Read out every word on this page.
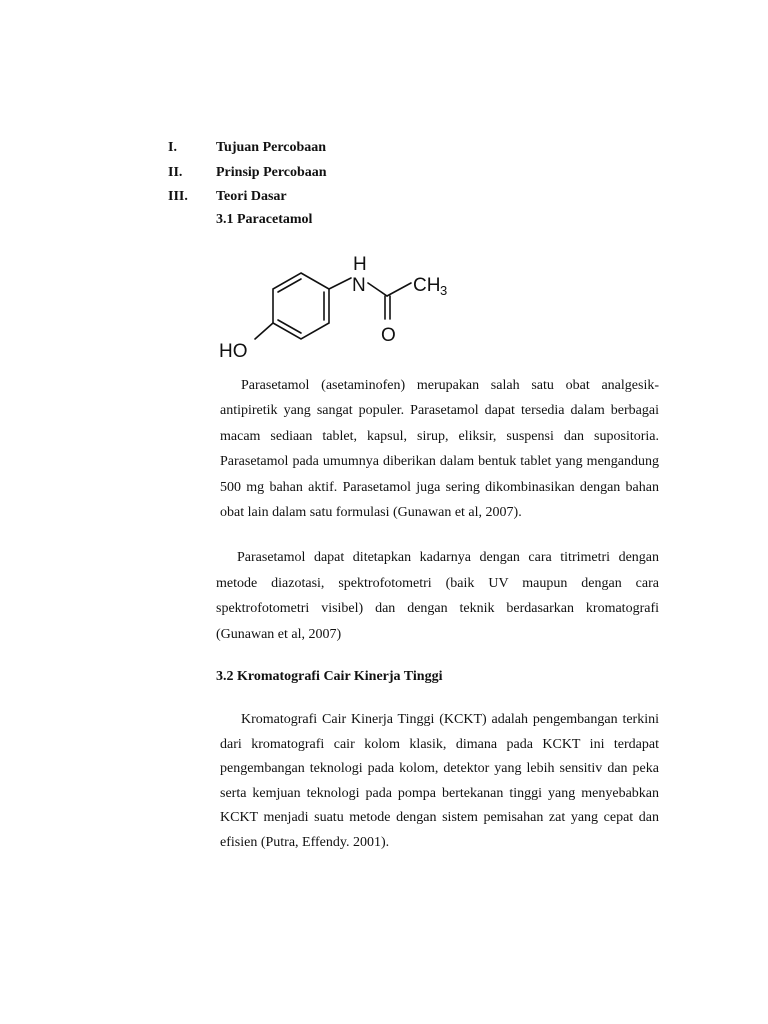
I.	Tujuan Percobaan
II. Prinsip Percobaan
III. Teori Dasar
3.1 Paracetamol
H
N CH 3
O
HO

Parasetamol (asetaminofen) merupakan salah satu obat analgesik-antipiretik yang sangat populer. Parasetamol dapat tersedia dalam berbagai macam sediaan tablet, kapsul, sirup, eliksir, suspensi dan supositoria. Parasetamol pada umumnya diberikan dalam bentuk tablet yang mengandung 500 mg bahan aktif. Parasetamol juga sering dikombinasikan dengan bahan obat lain dalam satu formulasi (Gunawan et al, 2007).

Parasetamol dapat ditetapkan kadarnya dengan cara titrimetri dengan metode diazotasi, spektrofotometri (baik UV maupun dengan cara spektrofotometri visibel) dan dengan teknik berdasarkan kromatografi (Gunawan et al, 2007)

3.2 Kromatografi Cair Kinerja Tinggi

Kromatografi Cair Kinerja Tinggi (KCKT) adalah pengembangan terkini dari kromatografi cair kolom klasik, dimana pada KCKT ini terdapat pengembangan teknologi pada kolom, detektor yang lebih sensitiv dan peka serta kemjuan teknologi pada pompa bertekanan tinggi yang menyebabkan KCKT menjadi suatu metode dengan sistem pemisahan zat yang cepat dan efisien (Putra, Effendy. 2001).
